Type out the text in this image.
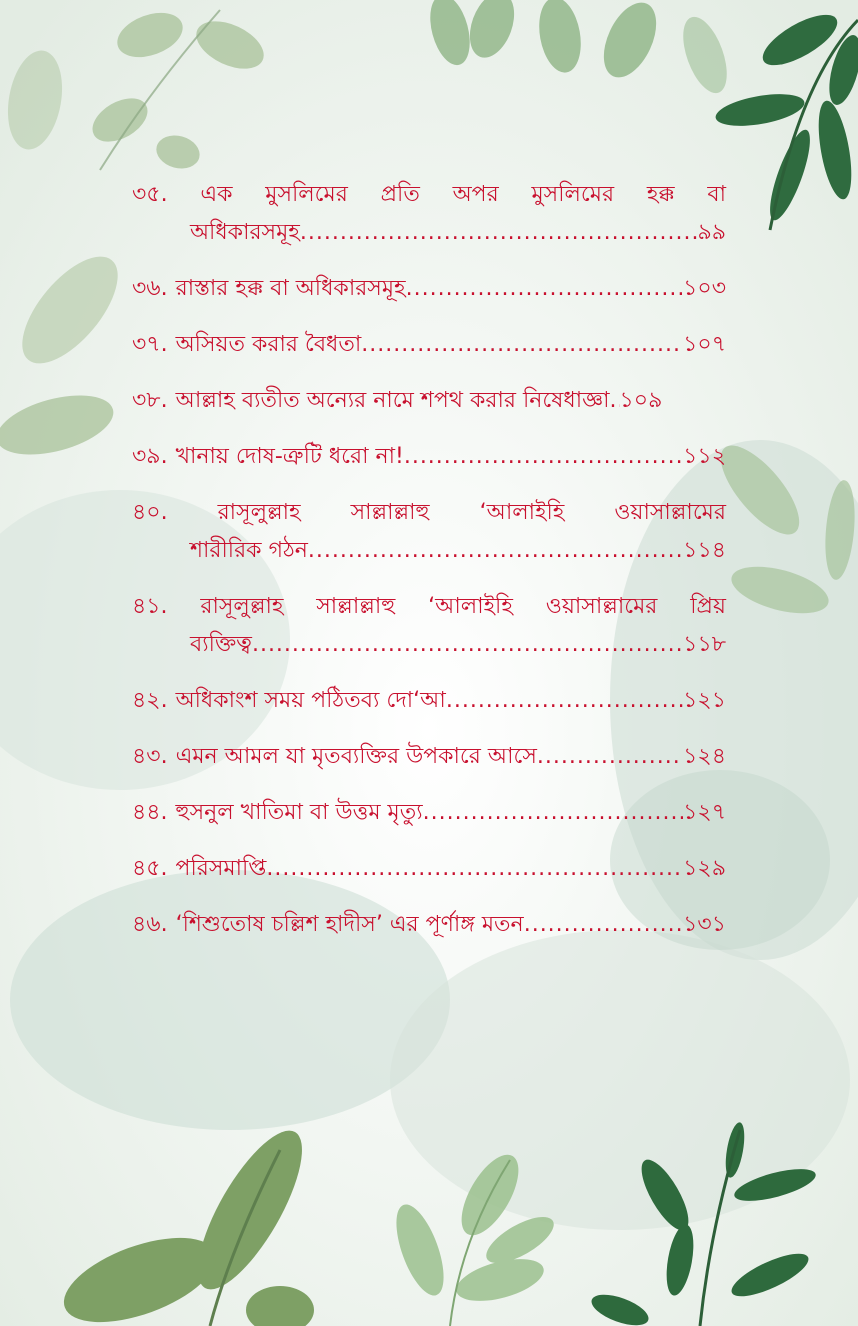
৩৫. এক মুসলিমের প্রতি অপর মুসলিমের হক্ক বা
অধিকারসমূহ .....	৯৯
৩৬. রাস্তার হক্ক বা অধিকারসমূহ .....	১০৩
৩৭. অসিয়ত করার বৈধতা .....	১০৭
৩৮. আল্লাহ ব্যতীত অন্যের নামে শপথ করার নিষেধাজ্ঞা ..... ১০৯
৩৯. খানায় দোষ-ত্রুটি ধরো না! .....	১১২
৪০. রাসূলুল্লাহ সাল্লাল্লাহু ‘আলাইহি ওয়াসাল্লামের
শারীরিক গঠন .....	১১৪
৪১. রাসূলুল্লাহ সাল্লাল্লাহু ‘আলাইহি ওয়াসাল্লামের প্রিয়
ব্যক্তিত্ব .....	১১৮
৪২. অধিকাংশ সময় পঠিতব্য দো‘আ .....	১২১
৪৩. এমন আমল যা মৃতব্যক্তির উপকারে আসে .....	১২৪
৪৪. হুসনুল খাতিমা বা উত্তম মৃত্যু .....	১২৭
৪৫. পরিসমাপ্তি .....	১২৯
৪৬. ‘শিশুতোষ চল্লিশ হাদীস’ এর পূর্ণাঙ্গ মতন .....	১৩১
